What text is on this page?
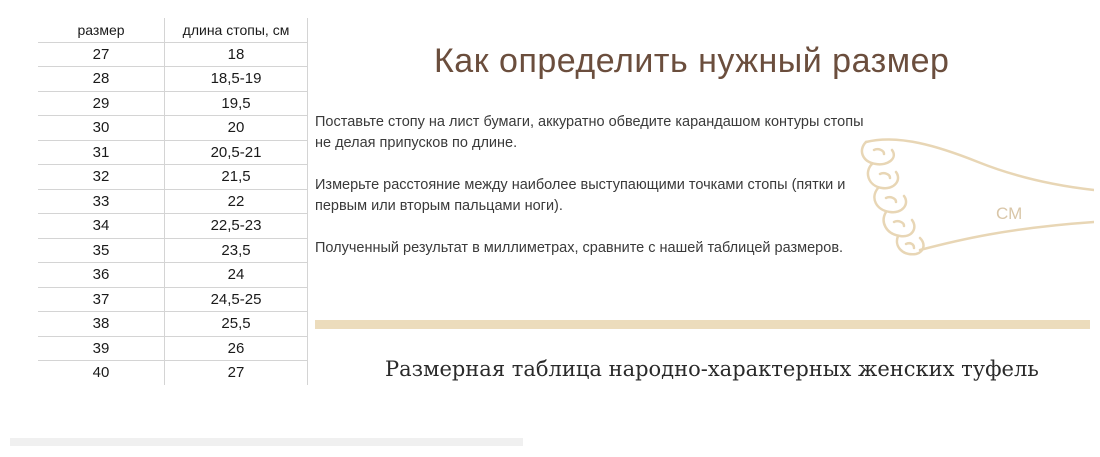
размер	длина стопы, см
27	18
28	18,5-19
29	19,5
30	20
31	20,5-21
32	21,5
33	22
34	22,5-23
35	23,5
36	24
37	24,5-25
38	25,5
39	26
40	27
Как определить нужный размер

Поставьте стопу на лист бумаги, аккуратно обведите карандашом контуры стопы не делая припусков по длине.

Измерьте расстояние между наиболее выступающими точками стопы (пятки и первым или вторым пальцами ноги).

Полученный результат в миллиметрах, сравните с нашей таблицей размеров.

СМ
Размерная таблица народно-характерных женских туфель
